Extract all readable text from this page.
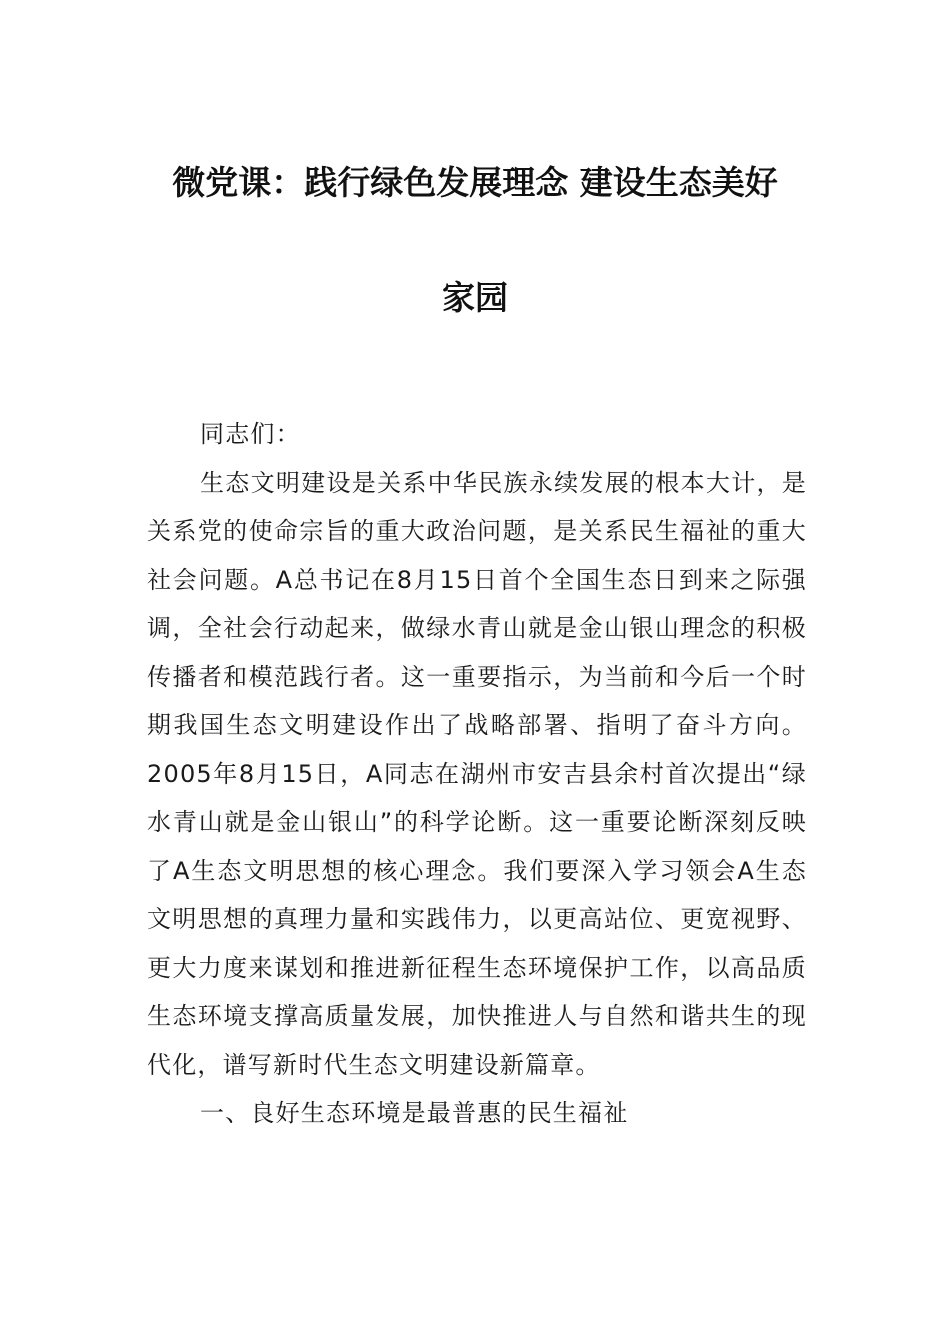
微党课：践行绿色发展理念 建设生态美好
家园

同志们：

生态文明建设是关系中华民族永续发展的根本大计，是关系党的使命宗旨的重大政治问题，是关系民生福祉的重大社会问题。A总书记在8月15日首个全国生态日到来之际强调，全社会行动起来，做绿水青山就是金山银山理念的积极传播者和模范践行者。这一重要指示，为当前和今后一个时期我国生态文明建设作出了战略部署、指明了奋斗方向。2005年8月15日，A同志在湖州市安吉县余村首次提出“绿水青山就是金山银山”的科学论断。这一重要论断深刻反映了A生态文明思想的核心理念。我们要深入学习领会A生态文明思想的真理力量和实践伟力，以更高站位、更宽视野、更大力度来谋划和推进新征程生态环境保护工作，以高品质生态环境支撑高质量发展，加快推进人与自然和谐共生的现代化，谱写新时代生态文明建设新篇章。

一、良好生态环境是最普惠的民生福祉
